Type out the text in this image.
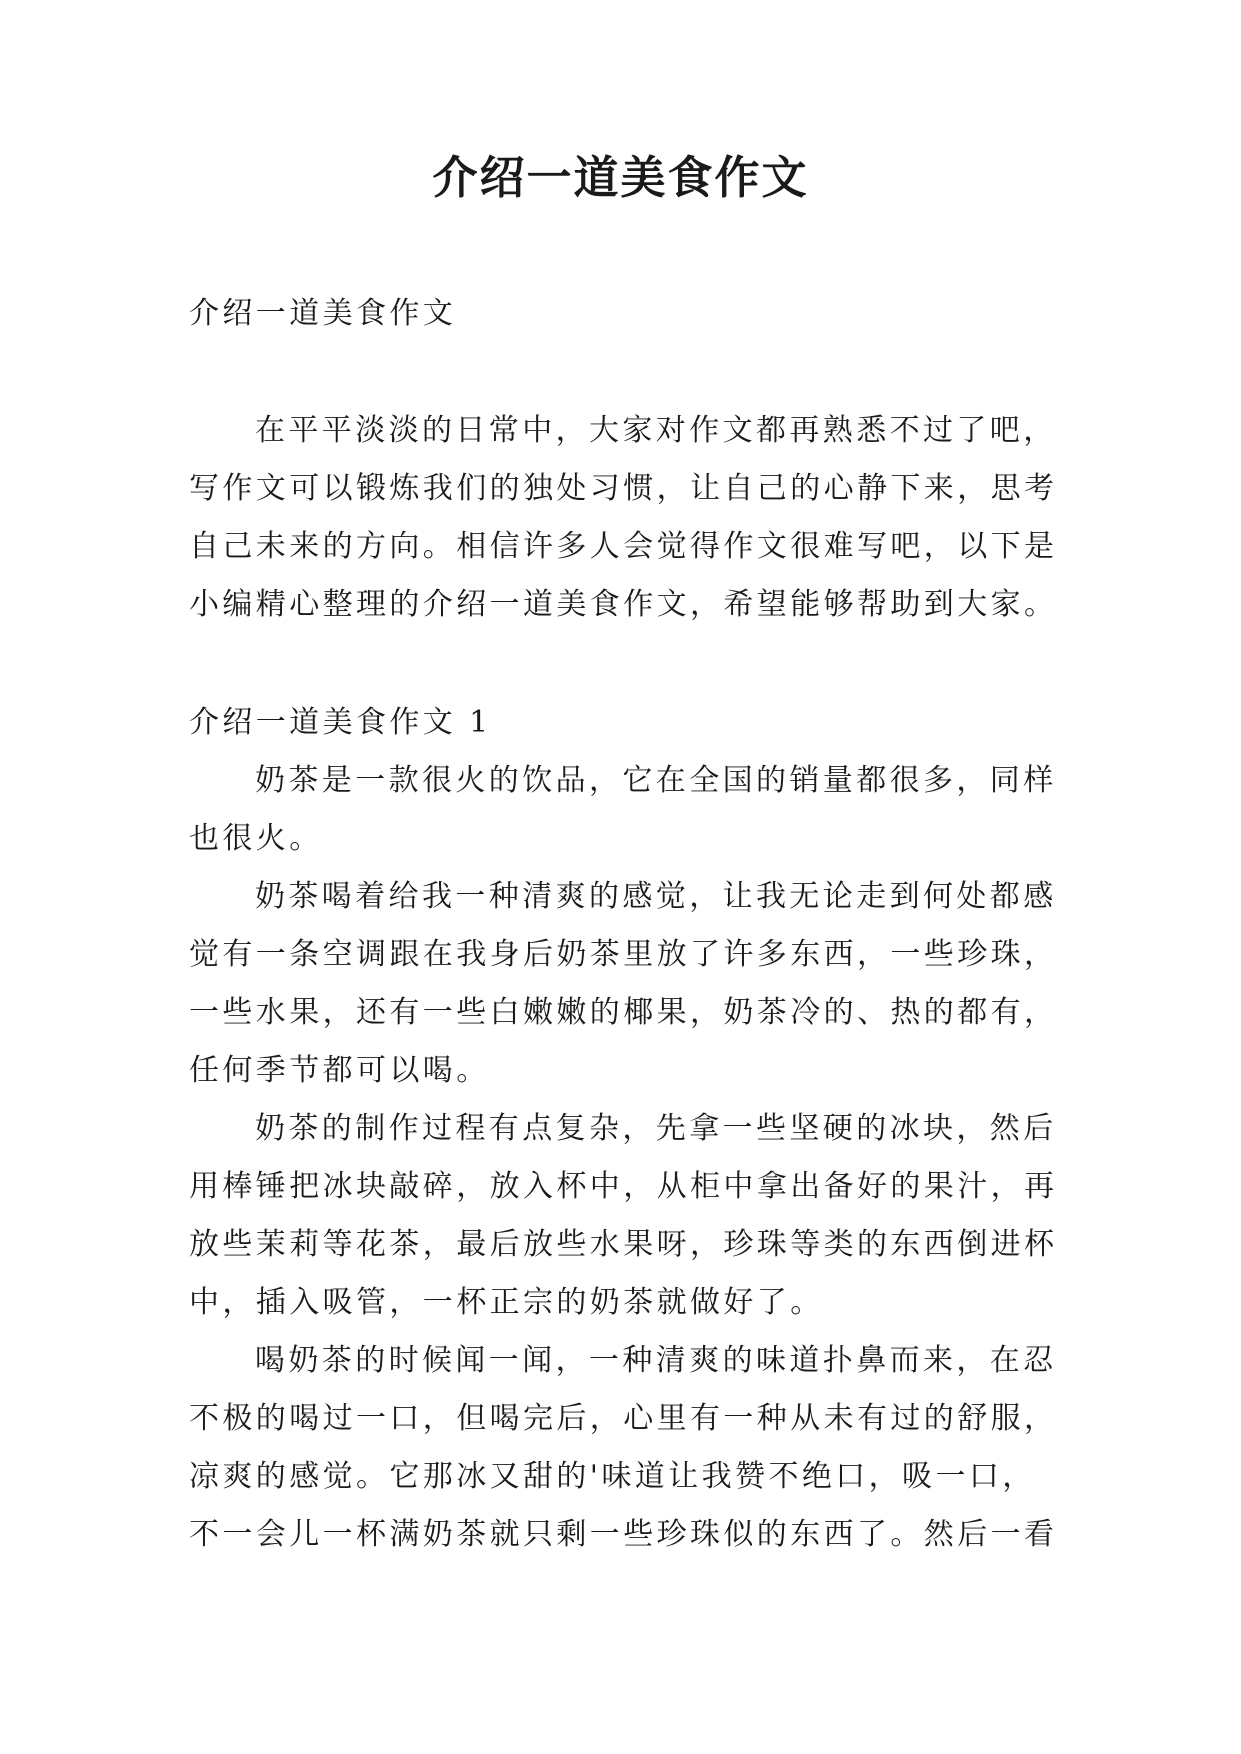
介绍一道美食作文

介绍一道美食作文

在平平淡淡的日常中，大家对作文都再熟悉不过了吧，写作文可以锻炼我们的独处习惯，让自己的心静下来，思考自己未来的方向。相信许多人会觉得作文很难写吧，以下是小编精心整理的介绍一道美食作文，希望能够帮助到大家。

介绍一道美食作文 1

奶茶是一款很火的饮品，它在全国的销量都很多，同样也很火。

奶茶喝着给我一种清爽的感觉，让我无论走到何处都感觉有一条空调跟在我身后奶茶里放了许多东西，一些珍珠，一些水果，还有一些白嫩嫩的椰果，奶茶冷的、热的都有，任何季节都可以喝。

奶茶的制作过程有点复杂，先拿一些坚硬的冰块，然后用棒锤把冰块敲碎，放入杯中，从柜中拿出备好的果汁，再放些茉莉等花茶，最后放些水果呀，珍珠等类的东西倒进杯中，插入吸管，一杯正宗的奶茶就做好了。

喝奶茶的时候闻一闻，一种清爽的味道扑鼻而来，在忍不极的喝过一口，但喝完后，心里有一种从未有过的舒服，凉爽的感觉。它那冰又甜的'味道让我赞不绝口，吸一口，不一会儿一杯满奶茶就只剩一些珍珠似的东西了。然后一看
